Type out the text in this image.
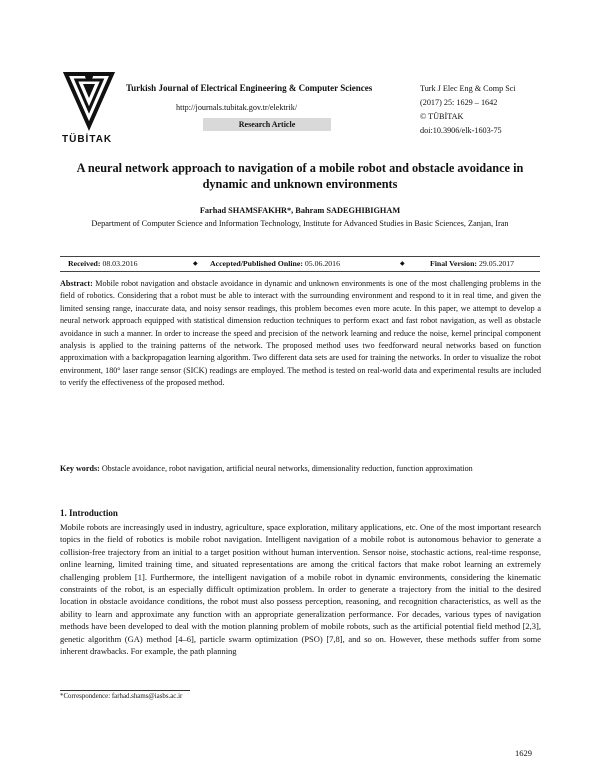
TÜBİTAK
Turkish Journal of Electrical Engineering & Computer Sciences
http://journals.tubitak.gov.tr/elektrik/
Research Article
Turk J Elec Eng & Comp Sci
(2017) 25: 1629 – 1642
© TÜBİTAK
doi:10.3906/elk-1603-75
A neural network approach to navigation of a mobile robot and obstacle avoidance in dynamic and unknown environments
Farhad SHAMSFAKHR*, Bahram SADEGHIBIGHAM
Department of Computer Science and Information Technology, Institute for Advanced Studies in Basic Sciences, Zanjan, Iran
Received: 08.03.2016	◆ Accepted/Published Online: 05.06.2016	◆	Final Version: 29.05.2017
Abstract: Mobile robot navigation and obstacle avoidance in dynamic and unknown environments is one of the most challenging problems in the field of robotics. Considering that a robot must be able to interact with the surrounding environment and respond to it in real time, and given the limited sensing range, inaccurate data, and noisy sensor readings, this problem becomes even more acute. In this paper, we attempt to develop a neural network approach equipped with statistical dimension reduction techniques to perform exact and fast robot navigation, as well as obstacle avoidance in such a manner. In order to increase the speed and precision of the network learning and reduce the noise, kernel principal component analysis is applied to the training patterns of the network. The proposed method uses two feedforward neural networks based on function approximation with a backpropagation learning algorithm. Two different data sets are used for training the networks. In order to visualize the robot environment, 180° laser range sensor (SICK) readings are employed. The method is tested on real-world data and experimental results are included to verify the effectiveness of the proposed method.
Key words: Obstacle avoidance, robot navigation, artificial neural networks, dimensionality reduction, function approximation
1. Introduction
Mobile robots are increasingly used in industry, agriculture, space exploration, military applications, etc. One of the most important research topics in the field of robotics is mobile robot navigation. Intelligent navigation of a mobile robot is autonomous behavior to generate a collision-free trajectory from an initial to a target position without human intervention. Sensor noise, stochastic actions, real-time response, online learning, limited training time, and situated representations are among the critical factors that make robot learning an extremely challenging problem [1]. Furthermore, the intelligent navigation of a mobile robot in dynamic environments, considering the kinematic constraints of the robot, is an especially difficult optimization problem. In order to generate a trajectory from the initial to the desired location in obstacle avoidance conditions, the robot must also possess perception, reasoning, and recognition characteristics, as well as the ability to learn and approximate any function with an appropriate generalization performance. For decades, various types of navigation methods have been developed to deal with the motion planning problem of mobile robots, such as the artificial potential field method [2,3], genetic algorithm (GA) method [4–6], particle swarm optimization (PSO) [7,8], and so on. However, these methods suffer from some inherent drawbacks. For example, the path planning
*Correspondence: farhad.shams@iasbs.ac.ir
1629
